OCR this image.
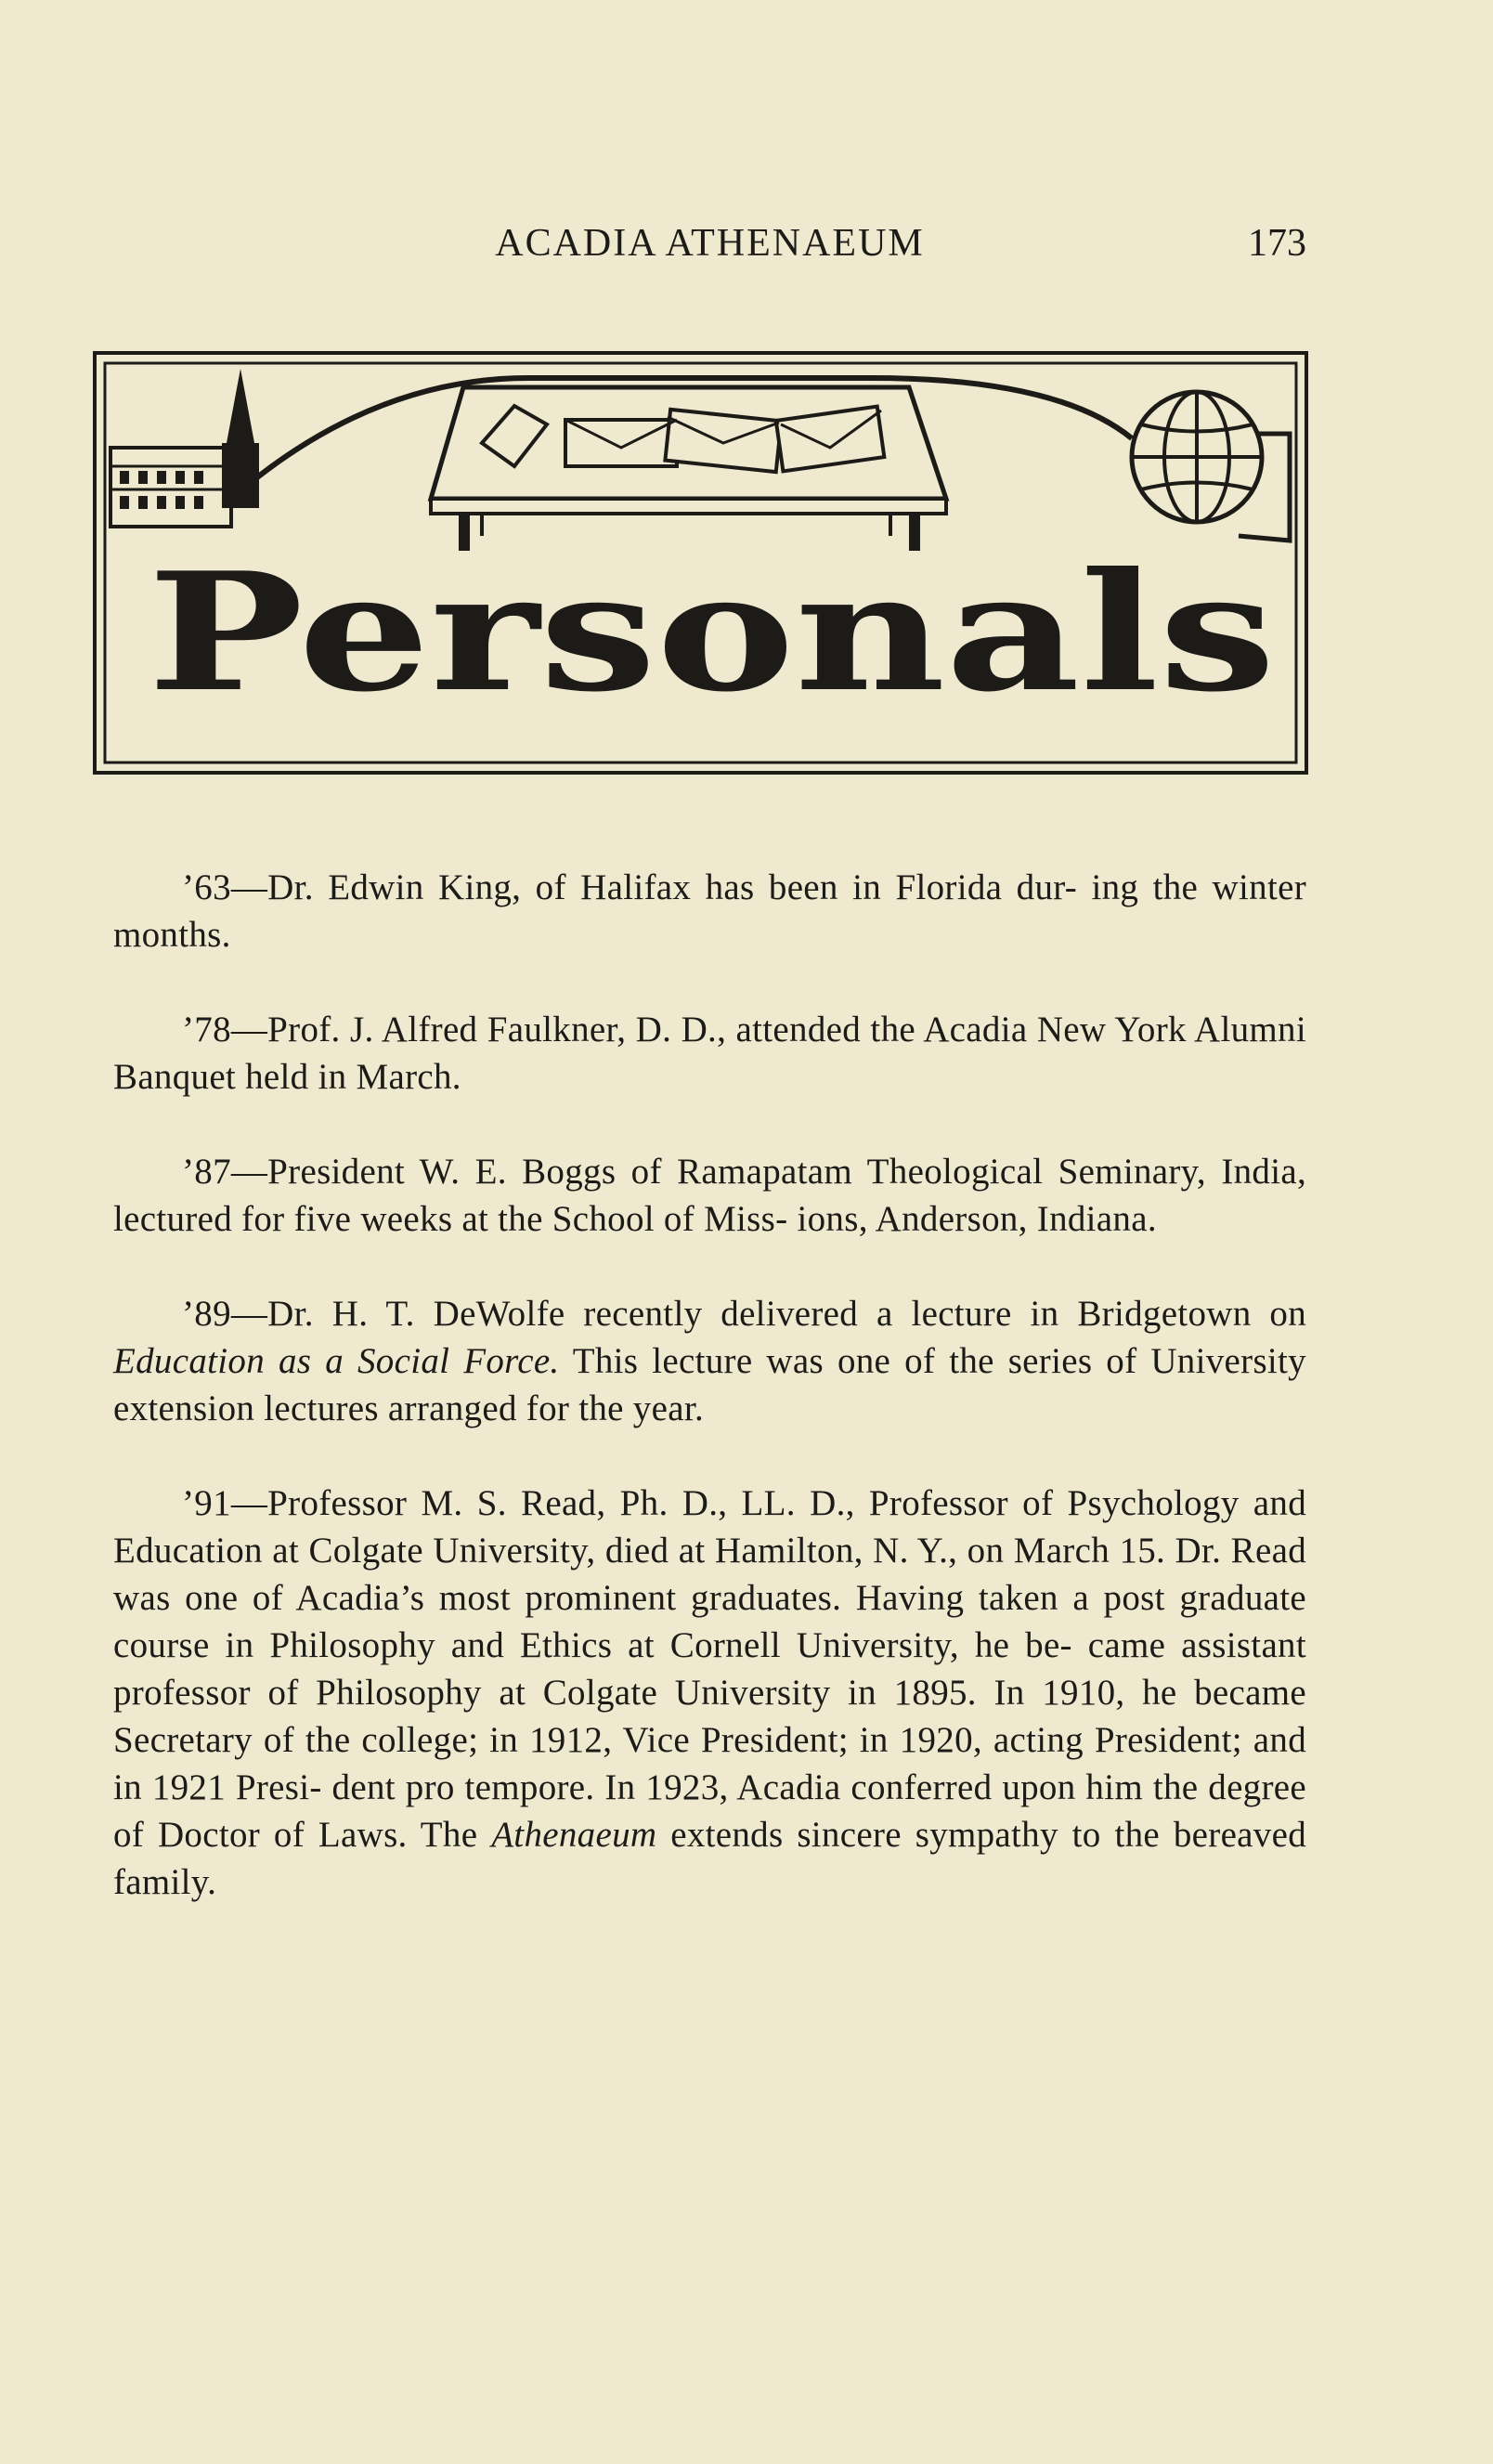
ACADIA ATHENAEUM	173
Personals

’63—Dr. Edwin King, of Halifax has been in Florida dur- ing the winter months.

’78—Prof. J. Alfred Faulkner, D. D., attended the Acadia New York Alumni Banquet held in March.

’87—President W. E. Boggs of Ramapatam Theological Seminary, India, lectured for five weeks at the School of Miss- ions, Anderson, Indiana.

’89—Dr. H. T. DeWolfe recently delivered a lecture in Bridgetown on Education as a Social Force. This lecture was one of the series of University extension lectures arranged for the year.

’91—Professor M. S. Read, Ph. D., LL. D., Professor of Psychology and Education at Colgate University, died at Hamilton, N. Y., on March 15. Dr. Read was one of Acadia’s most prominent graduates. Having taken a post graduate course in Philosophy and Ethics at Cornell University, he be- came assistant professor of Philosophy at Colgate University in 1895. In 1910, he became Secretary of the college; in 1912, Vice President; in 1920, acting President; and in 1921 Presi- dent pro tempore. In 1923, Acadia conferred upon him the degree of Doctor of Laws. The Athenaeum extends sincere sympathy to the bereaved family.
